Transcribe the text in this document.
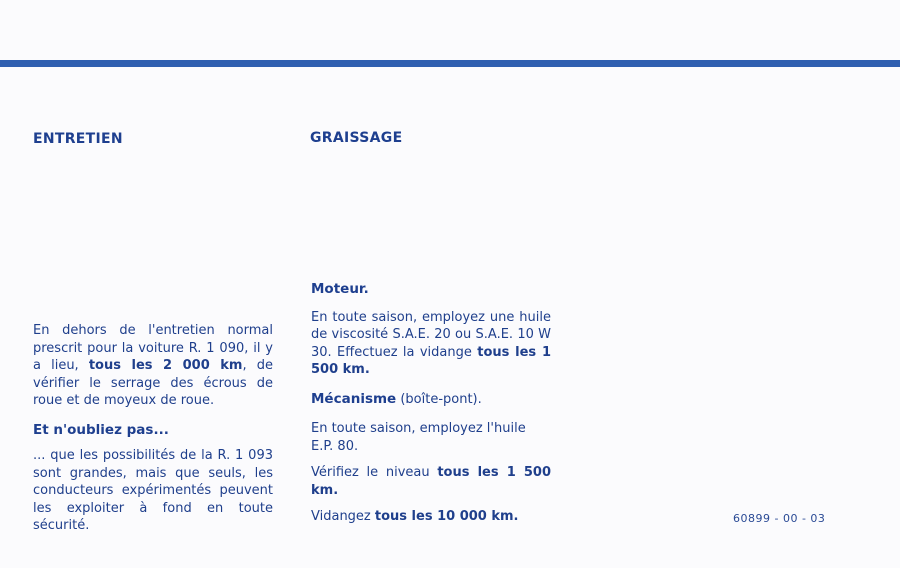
ENTRETIEN

En dehors de l'entretien normal prescrit pour la voiture R. 1 090, il y a lieu, tous les 2 000 km, de vérifier le serrage des écrous de roue et de moyeux de roue.

Et n'oubliez pas...

... que les possibilités de la R. 1 093 sont grandes, mais que seuls, les conducteurs expérimentés peuvent les exploiter à fond en toute sécurité.

GRAISSAGE

Moteur.

En toute saison, employez une huile de viscosité S.A.E. 20 ou S.A.E. 10 W 30. Effectuez la vidange tous les 1 500 km.

Mécanisme (boîte-pont).

En toute saison, employez l'huile E.P. 80.

Vérifiez le niveau tous les 1 500 km.

Vidangez tous les 10 000 km.	60899 - 00 - 03
